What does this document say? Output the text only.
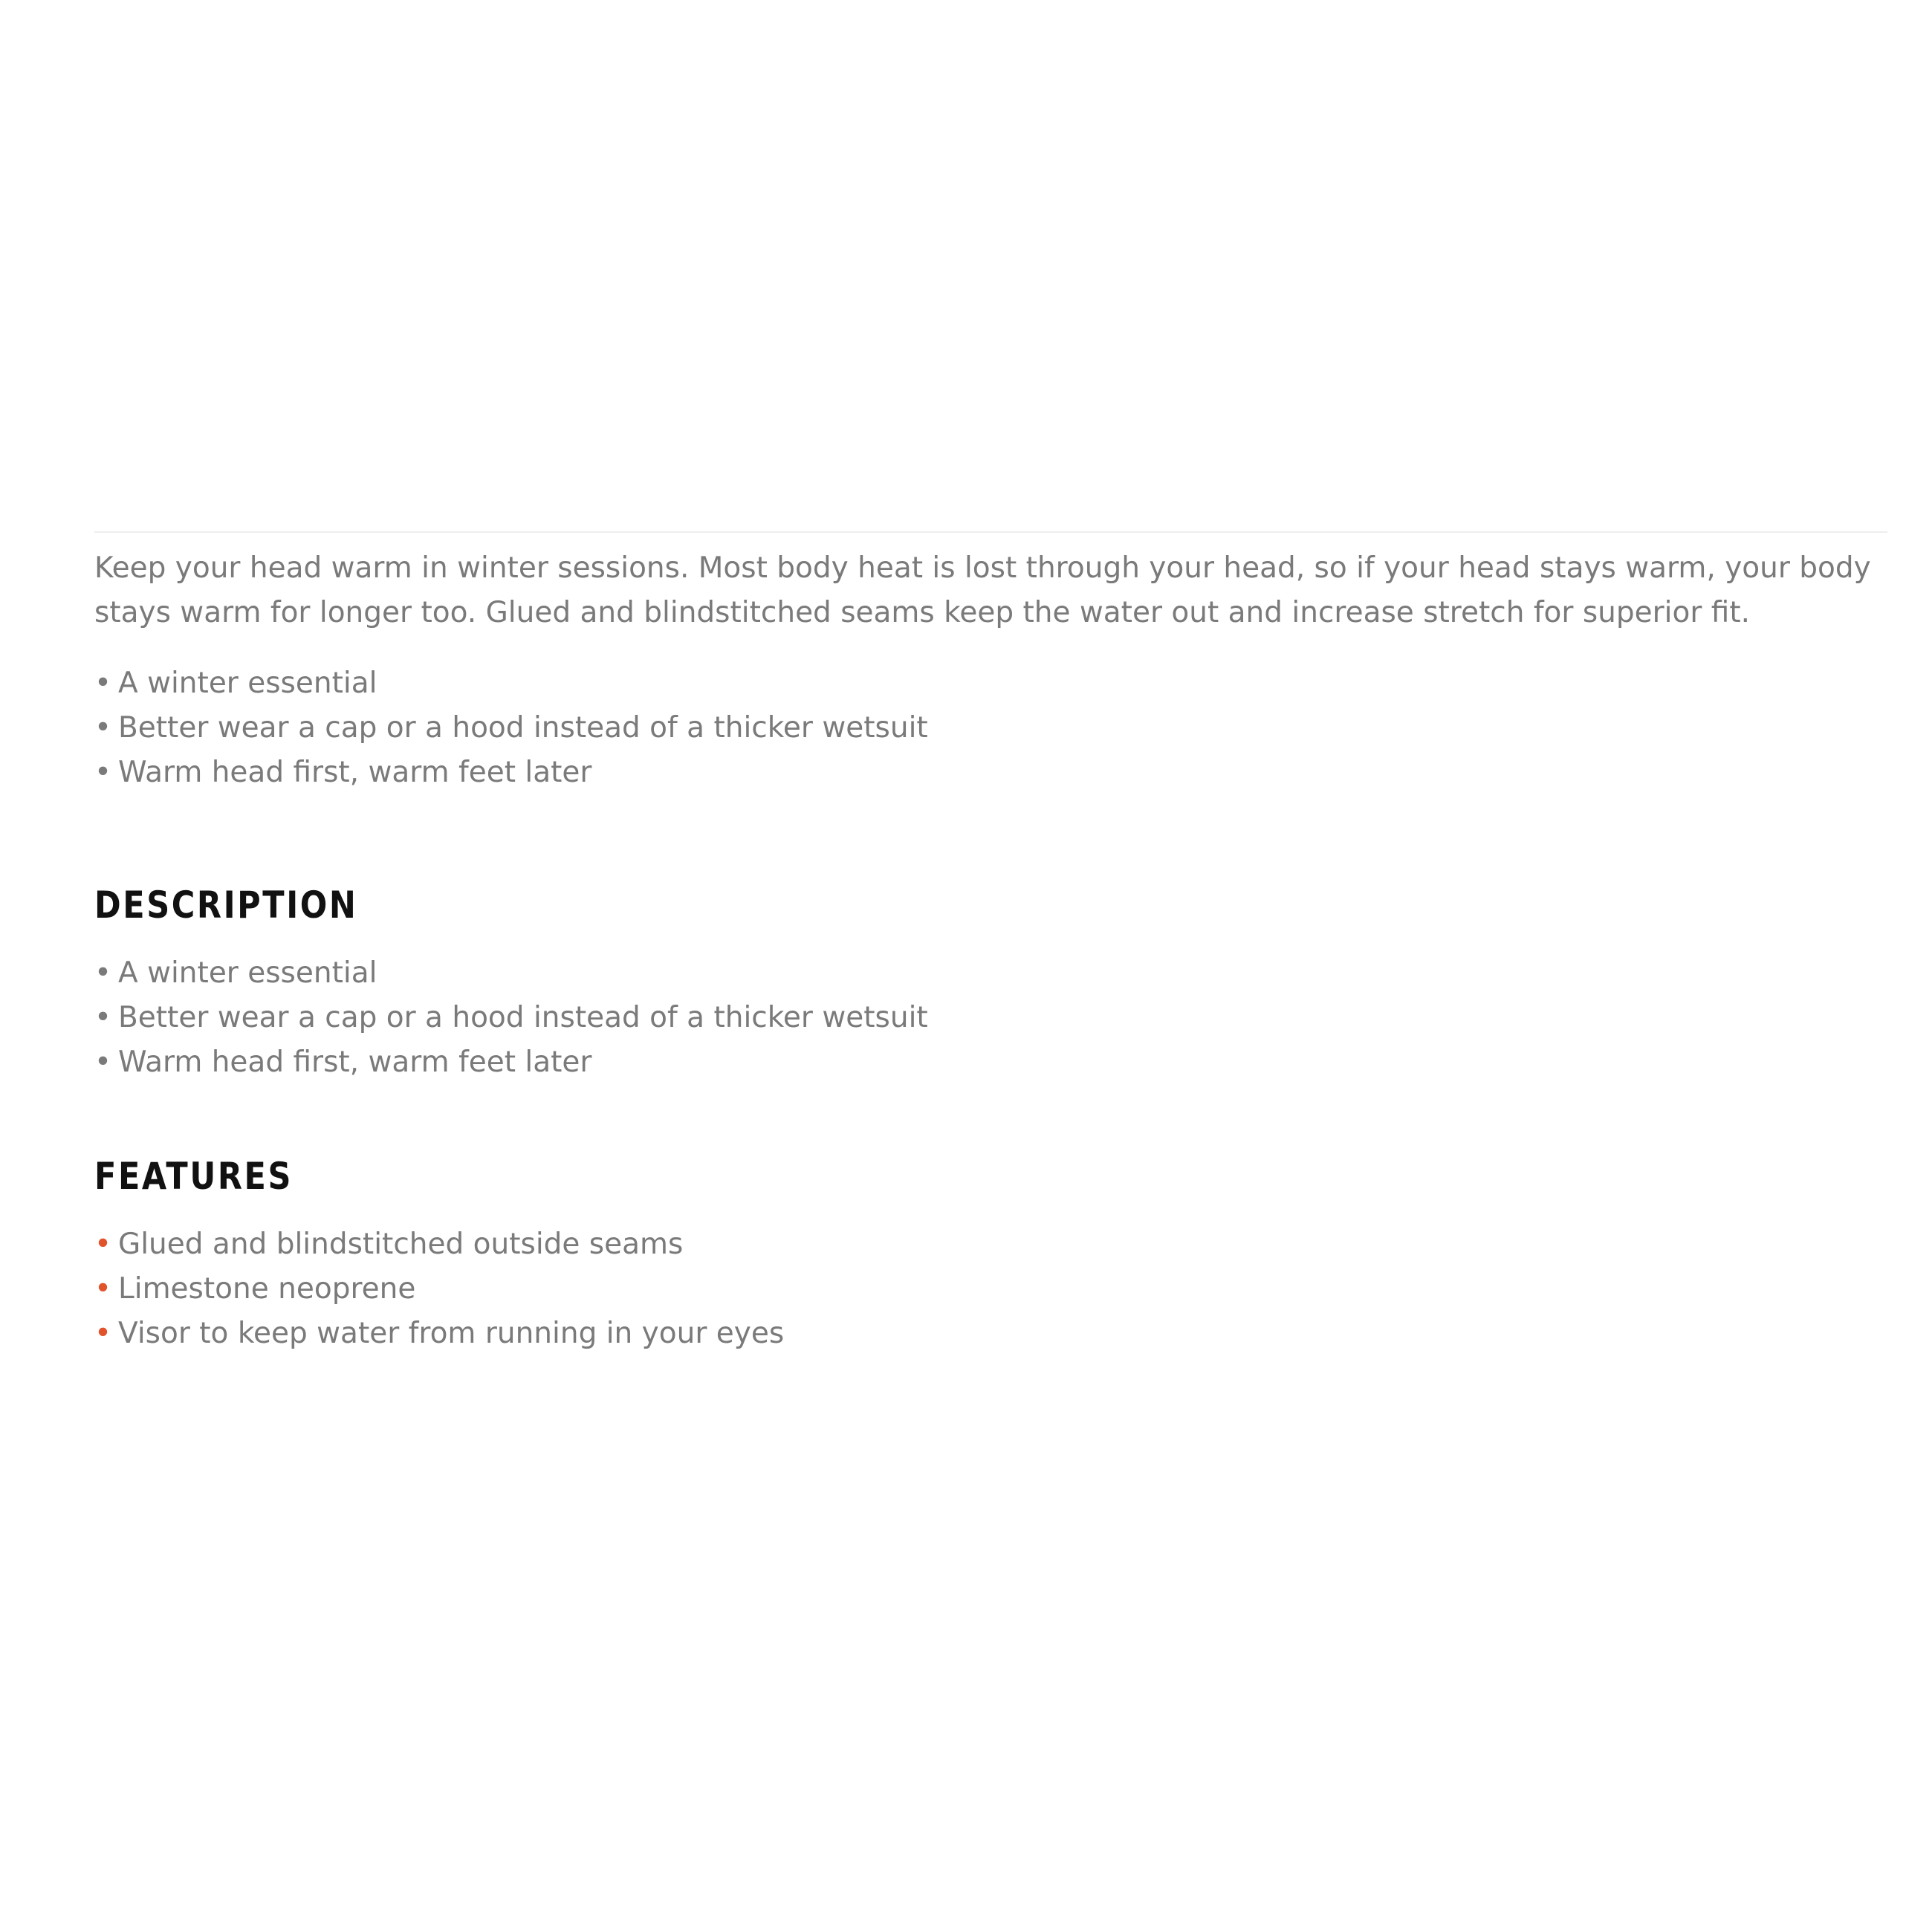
Keep your head warm in winter sessions. Most body heat is lost through your head, so if your head stays warm, your body stays warm for longer too. Glued and blindstitched seams keep the water out and increase stretch for superior fit.

• A winter essential
• Better wear a cap or a hood instead of a thicker wetsuit
• Warm head first, warm feet later
DESCRIPTION
• A winter essential
• Better wear a cap or a hood instead of a thicker wetsuit
• Warm head first, warm feet later
FEATURES
• Glued and blindstitched outside seams
• Limestone neoprene
• Visor to keep water from running in your eyes
